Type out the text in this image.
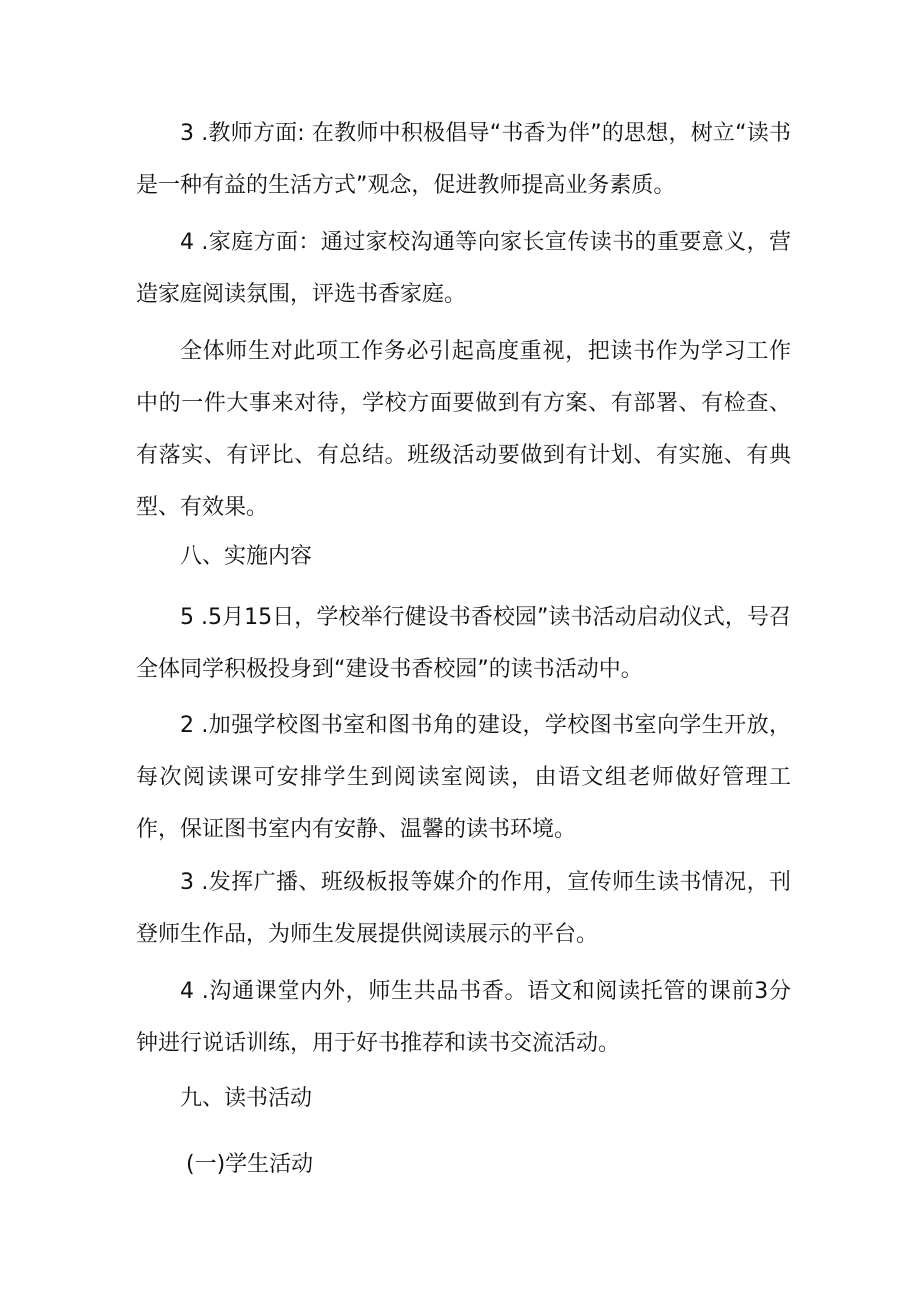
3 .教师方面: 在教师中积极倡导“书香为伴”的思想，树立“读书是一种有益的生活方式”观念，促进教师提高业务素质。

4 .家庭方面：通过家校沟通等向家长宣传读书的重要意义，营造家庭阅读氛围，评选书香家庭。

全体师生对此项工作务必引起高度重视，把读书作为学习工作中的一件大事来对待，学校方面要做到有方案、有部署、有检查、有落实、有评比、有总结。班级活动要做到有计划、有实施、有典型、有效果。

八、实施内容

5 .5月15日，学校举行健设书香校园”读书活动启动仪式，号召全体同学积极投身到“建设书香校园”的读书活动中。

2 .加强学校图书室和图书角的建设，学校图书室向学生开放，每次阅读课可安排学生到阅读室阅读，由语文组老师做好管理工作，保证图书室内有安静、温馨的读书环境。

3 .发挥广播、班级板报等媒介的作用，宣传师生读书情况，刊登师生作品，为师生发展提供阅读展示的平台。

4 .沟通课堂内外，师生共品书香。语文和阅读托管的课前3分钟进行说话训练，用于好书推荐和读书交流活动。

九、读书活动

(一)学生活动
